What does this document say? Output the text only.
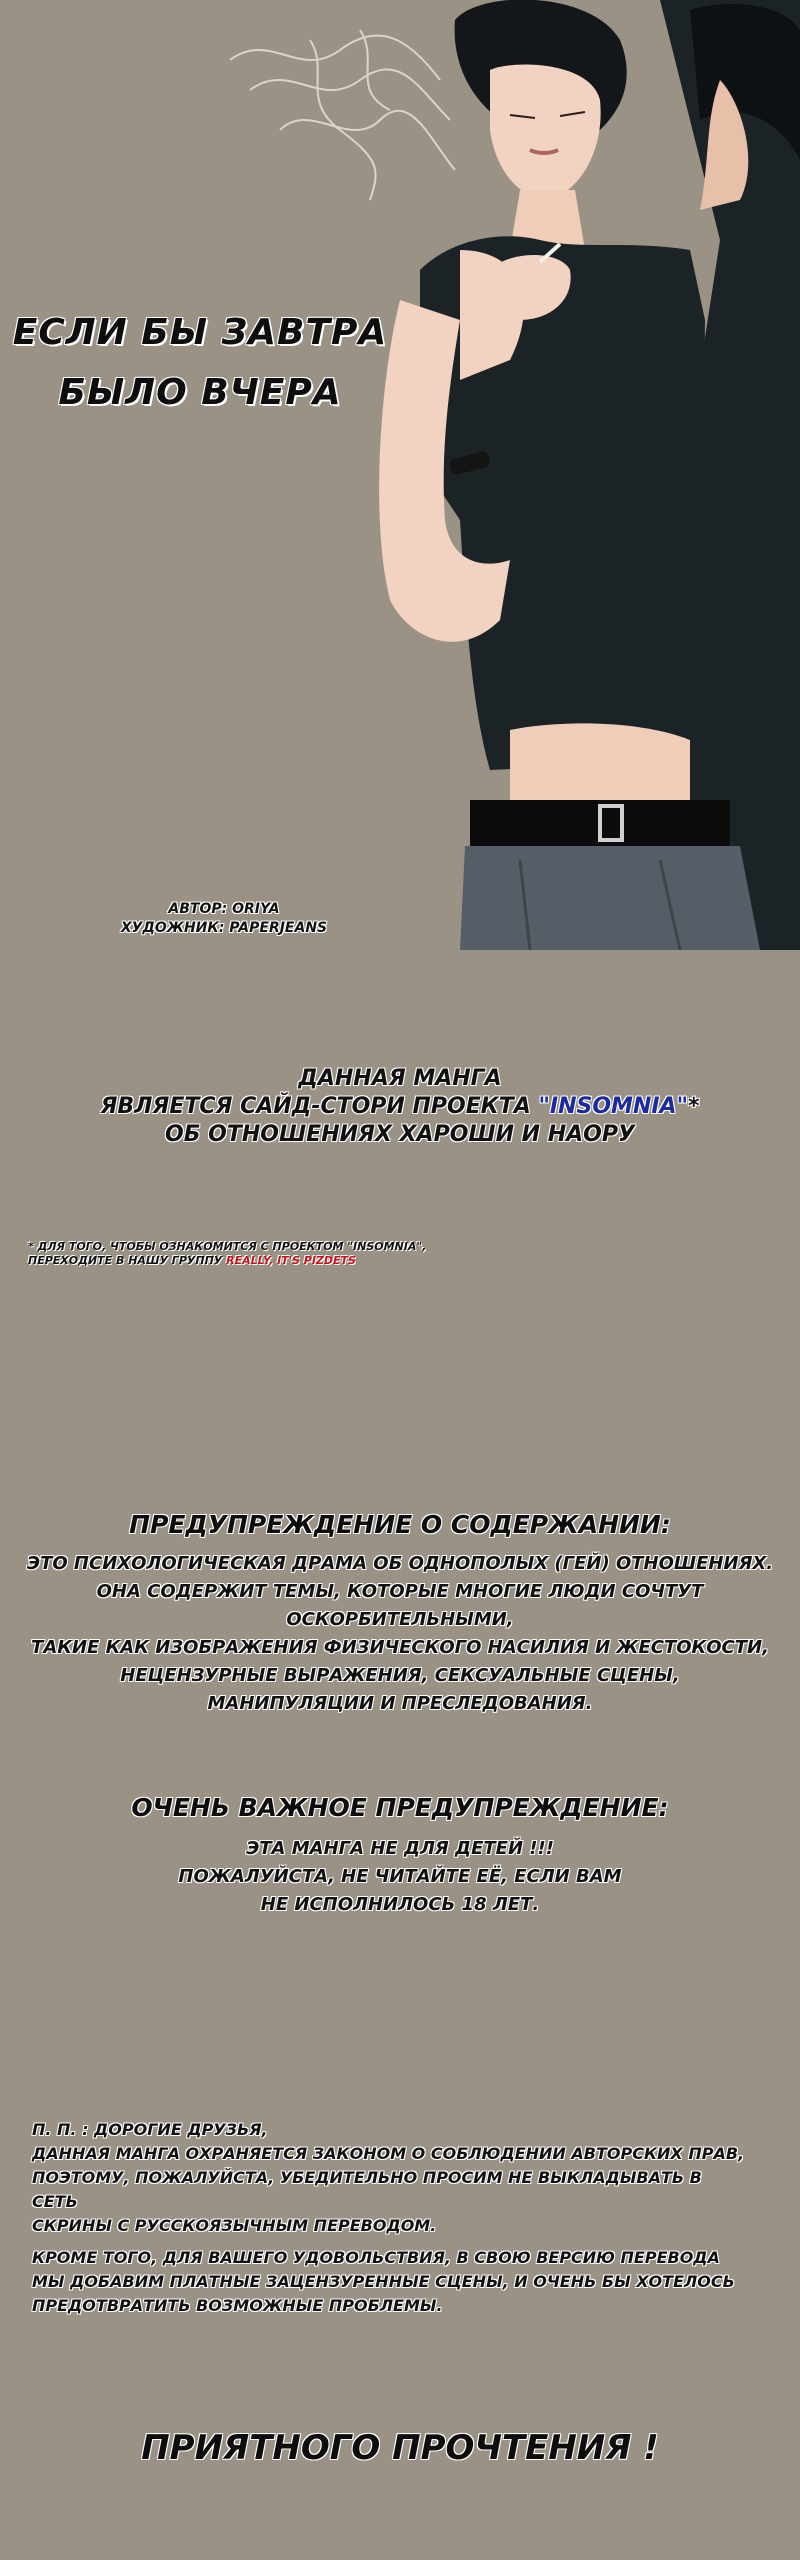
ЕСЛИ БЫ ЗАВТРА
БЫЛО ВЧЕРА
АВТОР: ORIYA
ХУДОЖНИК: PAPERJEANS
ДАННАЯ МАНГА
ЯВЛЯЕТСЯ САЙД-СТОРИ ПРОЕКТА "INSOMNIA"*
ОБ ОТНОШЕНИЯХ ХАРОШИ И НАОРУ
* ДЛЯ ТОГО, ЧТОБЫ ОЗНАКОМИТСЯ С ПРОЕКТОМ "INSOMNIA",
ПЕРЕХОДИТЕ В НАШУ ГРУППУ REALLY, IT'S PIZDETS
ПРЕДУПРЕЖДЕНИЕ О СОДЕРЖАНИИ:
ЭТО ПСИХОЛОГИЧЕСКАЯ ДРАМА ОБ ОДНОПОЛЫХ (ГЕЙ) ОТНОШЕНИЯХ.
ОНА СОДЕРЖИТ ТЕМЫ, КОТОРЫЕ МНОГИЕ ЛЮДИ СОЧТУТ ОСКОРБИТЕЛЬНЫМИ,
ТАКИЕ КАК ИЗОБРАЖЕНИЯ ФИЗИЧЕСКОГО НАСИЛИЯ И ЖЕСТОКОСТИ,
НЕЦЕНЗУРНЫЕ ВЫРАЖЕНИЯ, СЕКСУАЛЬНЫЕ СЦЕНЫ,
МАНИПУЛЯЦИИ И ПРЕСЛЕДОВАНИЯ.
ОЧЕНЬ ВАЖНОЕ ПРЕДУПРЕЖДЕНИЕ:
ЭТА МАНГА НЕ ДЛЯ ДЕТЕЙ !!!
ПОЖАЛУЙСТА, НЕ ЧИТАЙТЕ ЕЁ, ЕСЛИ ВАМ
НЕ ИСПОЛНИЛОСЬ 18 ЛЕТ.

П. П. : ДОРОГИЕ ДРУЗЬЯ,
ДАННАЯ МАНГА ОХРАНЯЕТСЯ ЗАКОНОМ О СОБЛЮДЕНИИ АВТОРСКИХ ПРАВ,
ПОЭТОМУ, ПОЖАЛУЙСТА, УБЕДИТЕЛЬНО ПРОСИМ НЕ ВЫКЛАДЫВАТЬ В СЕТЬ
СКРИНЫ С РУССКОЯЗЫЧНЫМ ПЕРЕВОДОМ.

КРОМЕ ТОГО, ДЛЯ ВАШЕГО УДОВОЛЬСТВИЯ, В СВОЮ ВЕРСИЮ ПЕРЕВОДА
МЫ ДОБАВИМ ПЛАТНЫЕ ЗАЦЕНЗУРЕННЫЕ СЦЕНЫ, И ОЧЕНЬ БЫ ХОТЕЛОСЬ
ПРЕДОТВРАТИТЬ ВОЗМОЖНЫЕ ПРОБЛЕМЫ.

ПРИЯТНОГО ПРОЧТЕНИЯ !
